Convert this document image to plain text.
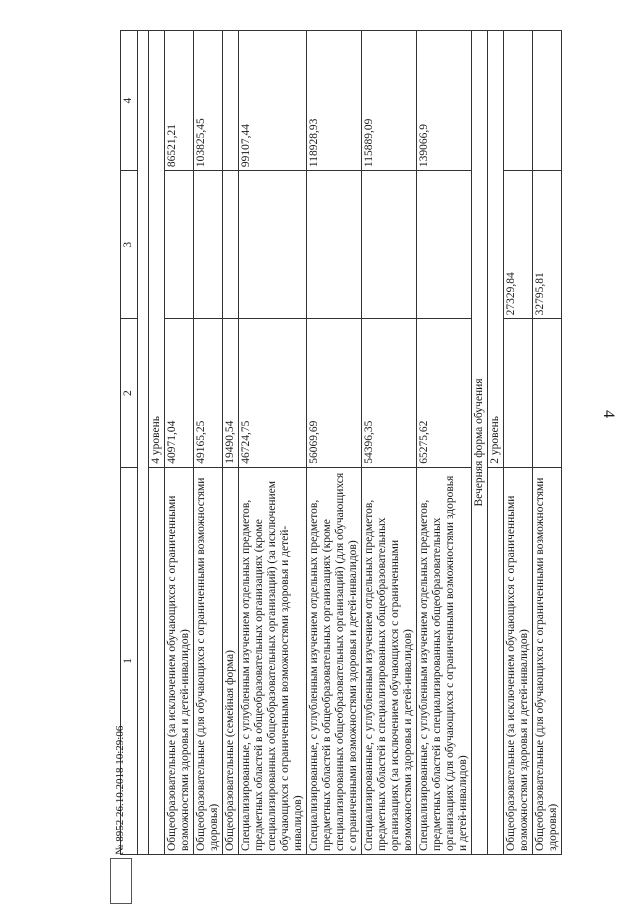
4
1	2	3	4

	4 уровень		
Общеобразовательные (за исключением обучающихся с ограниченными возможностями здоровья и детей-инвалидов)	40971,04		86521,21
Общеобразовательные (для обучающихся с ограниченными возможностями здоровья)	49165,25		103825,45
Общеобразовательные (семейная форма)	19490,54		
Специализированные, с углубленным изучением отдельных предметов, предметных областей в общеобразовательных организациях (кроме специализированных общеобразовательных организаций) (за исключением обучающихся с ограниченными возможностями здоровья и детей-инвалидов)	46724,75		99107,44
Специализированные, с углубленным изучением отдельных предметов, предметных областей в общеобразовательных организациях (кроме специализированных общеобразовательных организаций) (для обучающихся с ограниченными возможностями здоровья и детей-инвалидов)	56069,69		118928,93
Специализированные, с углубленным изучением отдельных предметов, предметных областей в специализированных общеобразовательных организациях (за исключением обучающихся с ограниченными возможностями здоровья и детей-инвалидов)	54396,35		115889,09
Специализированные, с углубленным изучением отдельных предметов, предметных областей в специализированных общеобразовательных организациях (для обучающихся с ограниченными возможностями здоровья и детей-инвалидов)	65275,62		139066,9
Вечерняя форма обучения			
	2 уровень		
Общеобразовательные (за исключением обучающихся с ограниченными возможностями здоровья и детей-инвалидов)		27329,84	
Общеобразовательные (для обучающихся с ограниченными возможностями здоровья)		32795,81	
№ 8952 26.10.2018 10:29:06
